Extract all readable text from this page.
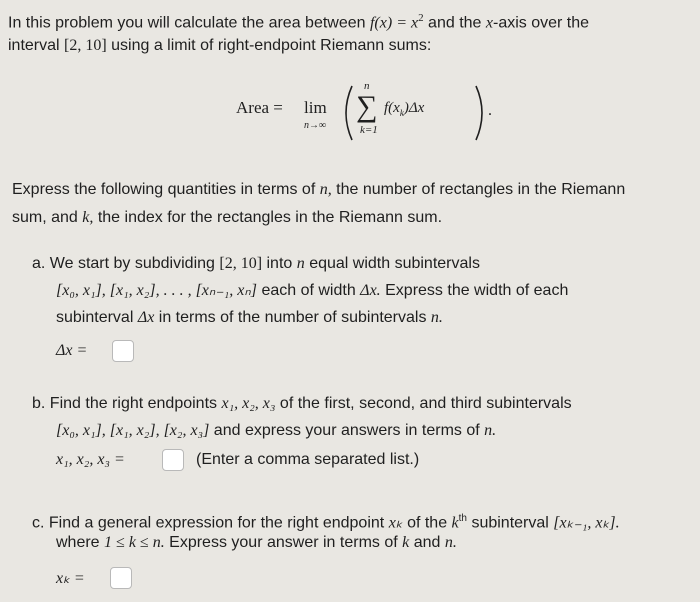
In this problem you will calculate the area between $f(x) = x^2$ and the x-axis over the
interval [2, 10] using a limit of right-endpoint Riemann sums:
Area = lim
n→∞
n
∑
k=1
$f(x_k)\Delta x$	.
Express the following quantities in terms of n, the number of rectangles in the Riemann
sum, and k, the index for the rectangles in the Riemann sum.
a. We start by subdividing [2, 10] into n equal width subintervals
[x₀, x₁], [x₁, x₂], . . . , [xₙ₋₁, xₙ] each of width Δx. Express the width of each
subinterval Δx in terms of the number of subintervals n.
Δx =
b. Find the right endpoints x₁, x₂, x₃ of the first, second, and third subintervals
[x₀, x₁], [x₁, x₂], [x₂, x₃] and express your answers in terms of n.
x₁, x₂, x₃ =	(Enter a comma separated list.)
c. Find a general expression for the right endpoint xₖ of the $k^{th}$ subinterval [xₖ₋₁, xₖ].
where 1 ≤ k ≤ n. Express your answer in terms of k and n.
xₖ =
